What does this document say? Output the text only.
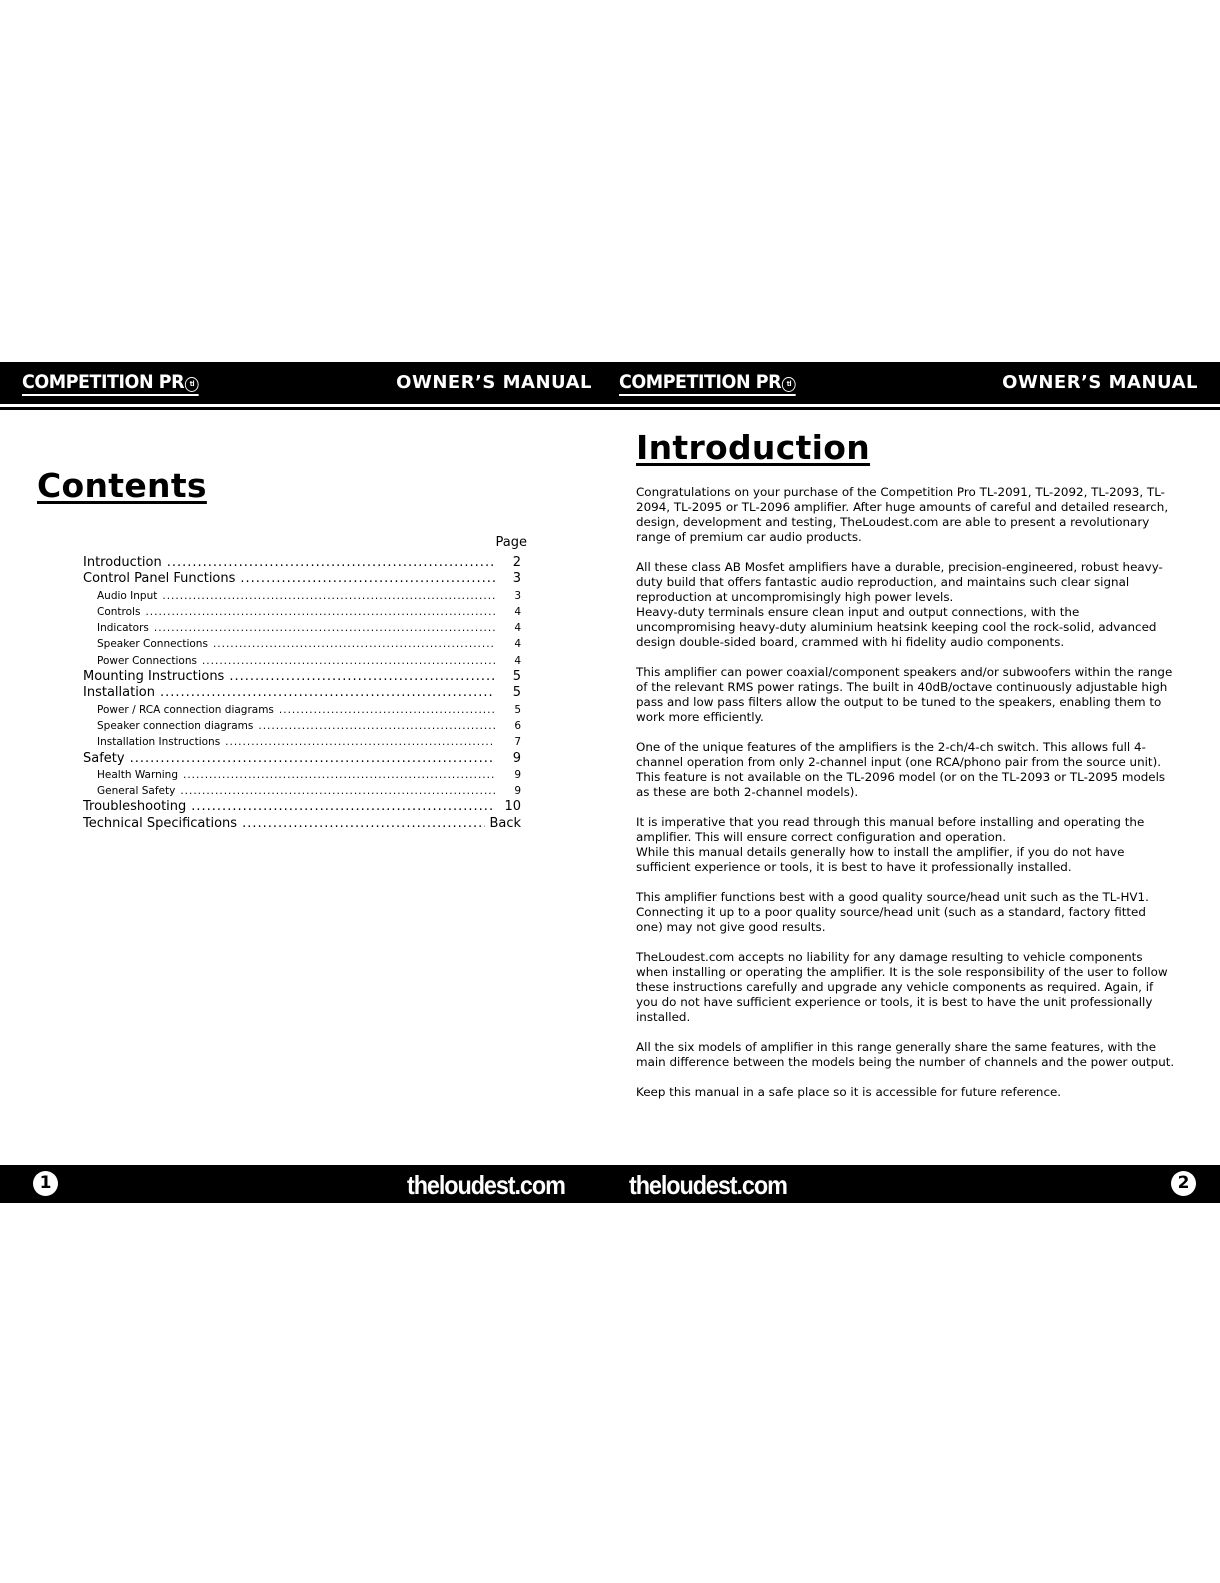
COMPETITION PR tl	OWNER’S MANUAL
Contents
Page
Introduction .....	2
Control Panel Functions .....	3
Audio Input .....	3
Controls .....	4
Indicators .....	4
Speaker Connections .....	4
Power Connections .....	4
Mounting Instructions .....	5
Installation .....	5
Power / RCA connection diagrams .....	5
Speaker connection diagrams .....	6
Installation Instructions .....	7
Safety .....	9
Health Warning .....	9
General Safety .....	9
Troubleshooting .....	10
Technical Specifications .....	Back
1	theloudest.com
COMPETITION PR tl	OWNER’S MANUAL
Introduction

Congratulations on your purchase of the Competition Pro TL-2091, TL-2092, TL-2093, TL-2094, TL-2095 or TL-2096 amplifier. After huge amounts of careful and detailed research, design, development and testing, TheLoudest.com are able to present a revolutionary range of premium car audio products.

All these class AB Mosfet amplifiers have a durable, precision-engineered, robust heavy-duty build that offers fantastic audio reproduction, and maintains such clear signal reproduction at uncompromisingly high power levels.
Heavy-duty terminals ensure clean input and output connections, with the uncompromising heavy-duty aluminium heatsink keeping cool the rock-solid, advanced design double-sided board, crammed with hi fidelity audio components.

This amplifier can power coaxial/component speakers and/or subwoofers within the range of the relevant RMS power ratings. The built in 40dB/octave continuously adjustable high pass and low pass filters allow the output to be tuned to the speakers, enabling them to work more efficiently.

One of the unique features of the amplifiers is the 2-ch/4-ch switch. This allows full 4-channel operation from only 2-channel input (one RCA/phono pair from the source unit). This feature is not available on the TL-2096 model (or on the TL-2093 or TL-2095 models as these are both 2-channel models).

It is imperative that you read through this manual before installing and operating the amplifier. This will ensure correct configuration and operation.
While this manual details generally how to install the amplifier, if you do not have sufficient experience or tools, it is best to have it professionally installed.

This amplifier functions best with a good quality source/head unit such as the TL-HV1. Connecting it up to a poor quality source/head unit (such as a standard, factory fitted one) may not give good results.

TheLoudest.com accepts no liability for any damage resulting to vehicle components when installing or operating the amplifier. It is the sole responsibility of the user to follow these instructions carefully and upgrade any vehicle components as required. Again, if you do not have sufficient experience or tools, it is best to have the unit professionally installed.

All the six models of amplifier in this range generally share the same features, with the main difference between the models being the number of channels and the power output.

Keep this manual in a safe place so it is accessible for future reference.

theloudest.com	2
